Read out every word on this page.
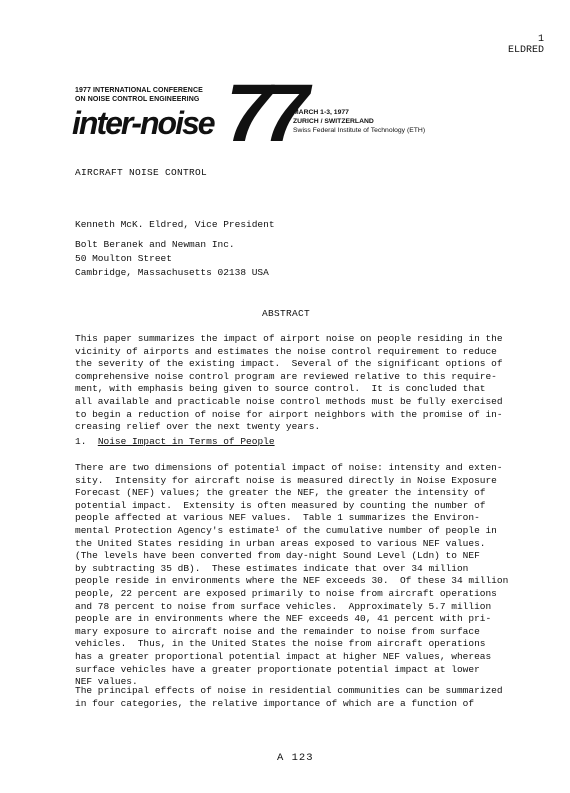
1
ELDRED
1977 INTERNATIONAL CONFERENCE
ON NOISE CONTROL ENGINEERING
inter-noise 77
MARCH 1-3, 1977
ZURICH / SWITZERLAND
Swiss Federal Institute of Technology (ETH)
AIRCRAFT NOISE CONTROL
Kenneth McK. Eldred, Vice President
Bolt Beranek and Newman Inc.
50 Moulton Street
Cambridge, Massachusetts 02138 USA
ABSTRACT
This paper summarizes the impact of airport noise on people residing in the
vicinity of airports and estimates the noise control requirement to reduce
the severity of the existing impact.  Several of the significant options of
comprehensive noise control program are reviewed relative to this require-
ment, with emphasis being given to source control.  It is concluded that
all available and practicable noise control methods must be fully exercised
to begin a reduction of noise for airport neighbors with the promise of in-
creasing relief over the next twenty years.
1. Noise Impact in Terms of People
There are two dimensions of potential impact of noise: intensity and exten-
sity.  Intensity for aircraft noise is measured directly in Noise Exposure
Forecast (NEF) values; the greater the NEF, the greater the intensity of
potential impact.  Extensity is often measured by counting the number of
people affected at various NEF values.  Table 1 summarizes the Environ-
mental Protection Agency's estimate¹ of the cumulative number of people in
the United States residing in urban areas exposed to various NEF values.
(The levels have been converted from day-night Sound Level (Ldn) to NEF
by subtracting 35 dB).  These estimates indicate that over 34 million
people reside in environments where the NEF exceeds 30.  Of these 34 million
people, 22 percent are exposed primarily to noise from aircraft operations
and 78 percent to noise from surface vehicles.  Approximately 5.7 million
people are in environments where the NEF exceeds 40, 41 percent with pri-
mary exposure to aircraft noise and the remainder to noise from surface
vehicles.  Thus, in the United States the noise from aircraft operations
has a greater proportional potential impact at higher NEF values, whereas
surface vehicles have a greater proportionate potential impact at lower
NEF values.
The principal effects of noise in residential communities can be summarized
in four categories, the relative importance of which are a function of
A 123
